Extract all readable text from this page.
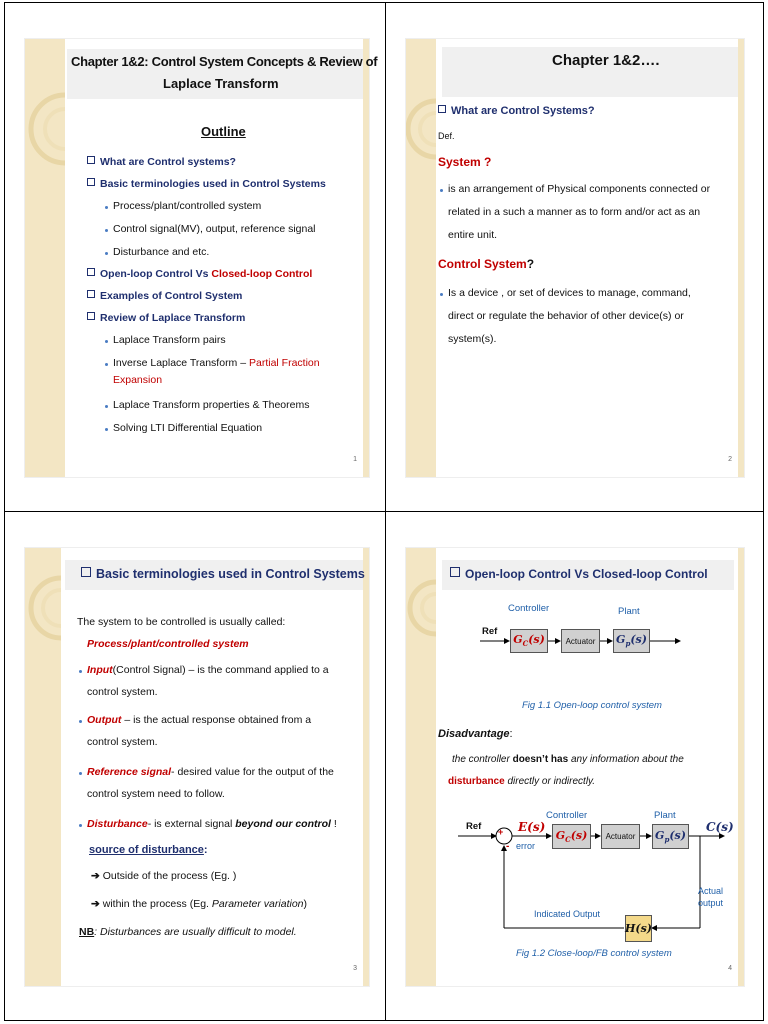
Chapter 1&2: Control System Concepts & Review of
Laplace Transform
Outline
What are Control systems?
Basic terminologies used in Control Systems
Process/plant/controlled system
Control signal(MV), output, reference signal
Disturbance and etc.
Open-loop Control Vs Closed-loop Control
Examples of Control System
Review of Laplace Transform
Laplace Transform pairs
Inverse Laplace Transform – Partial Fraction
Expansion
Laplace Transform properties & Theorems
Solving LTI Differential Equation
1
Chapter 1&2….
What are Control Systems?
Def.
System ?
is an arrangement of Physical components connected or
related in a such a manner as to form and/or act as an
entire unit.
Control System?
Is a device , or set of devices to manage, command,
direct or regulate the behavior of other device(s) or
system(s).
2
Basic terminologies used in Control Systems
The system to be controlled is usually called:
Process/plant/controlled system
Input(Control Signal) – is the command applied to a
control system.
Output – is the actual response obtained from a
control system.
Reference signal- desired value for the output of the
control system need to follow.
Disturbance- is external signal beyond our control !
source of disturbance:
➔ Outside of the process (Eg. )
➔ within the process (Eg. Parameter variation)
NB: Disturbances are usually difficult to model.
3
Open-loop Control Vs Closed-loop Control
Controller	Plant
Ref
$G_C(s)$	Actuator	$G_p(s)$
Fig 1.1 Open-loop control system
Disadvantage:
the controller doesn’t has any information about the
disturbance directly or indirectly.
Controller	Plant
Ref	E(s)
+
- error
$G_C(s)$	Actuator	$G_p(s)$
C(s)
Actual
output
Indicated Output
H(s)
Fig 1.2 Close-loop/FB control system
4
